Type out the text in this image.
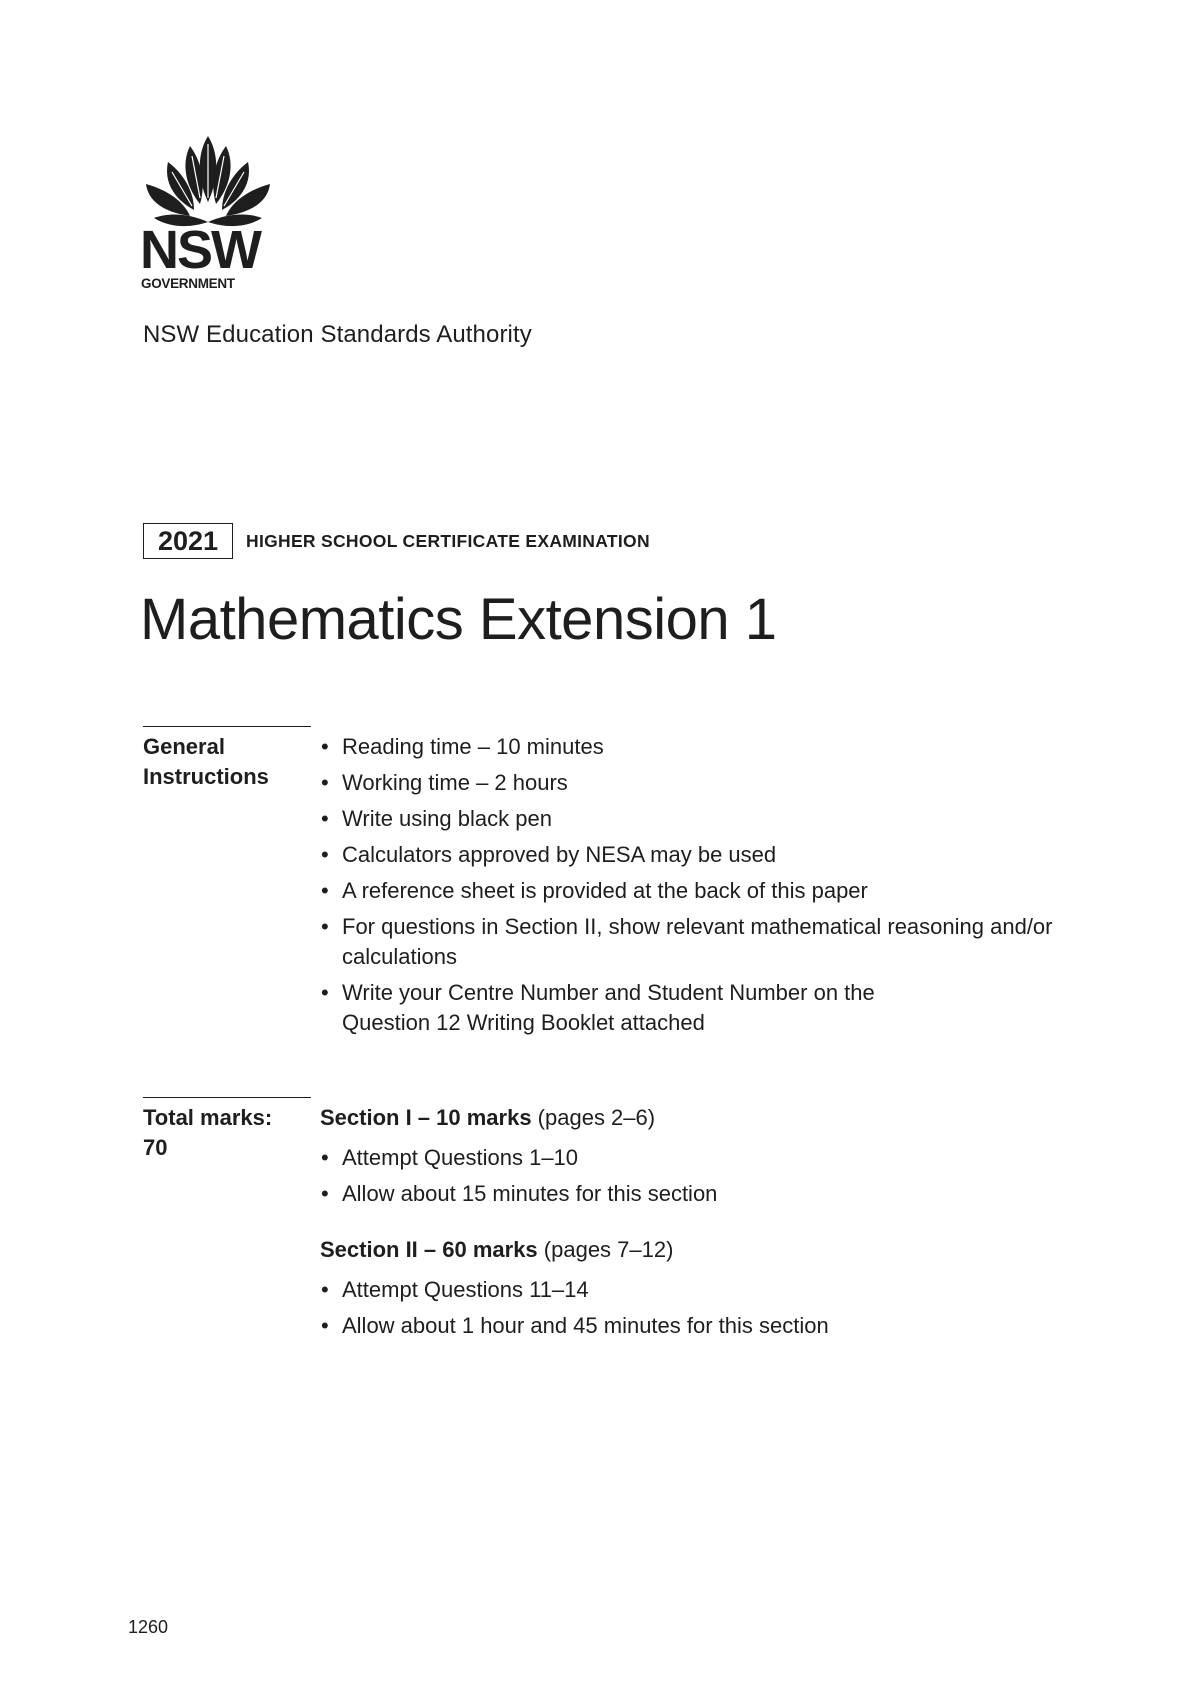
NSW
GOVERNMENT
NSW Education Standards Authority
2021	HIGHER SCHOOL CERTIFICATE EXAMINATION
Mathematics Extension 1
General
Instructions
• Reading time – 10 minutes
• Working time – 2 hours
• Write using black pen
• Calculators approved by NESA may be used
• A reference sheet is provided at the back of this paper
• For questions in Section II, show relevant mathematical reasoning and/or calculations
• Write your Centre Number and Student Number on the Question 12 Writing Booklet attached
Total marks:
70
Section I – 10 marks (pages 2–6)
• Attempt Questions 1–10
• Allow about 15 minutes for this section
Section II – 60 marks (pages 7–12)
• Attempt Questions 11–14
• Allow about 1 hour and 45 minutes for this section
1260
